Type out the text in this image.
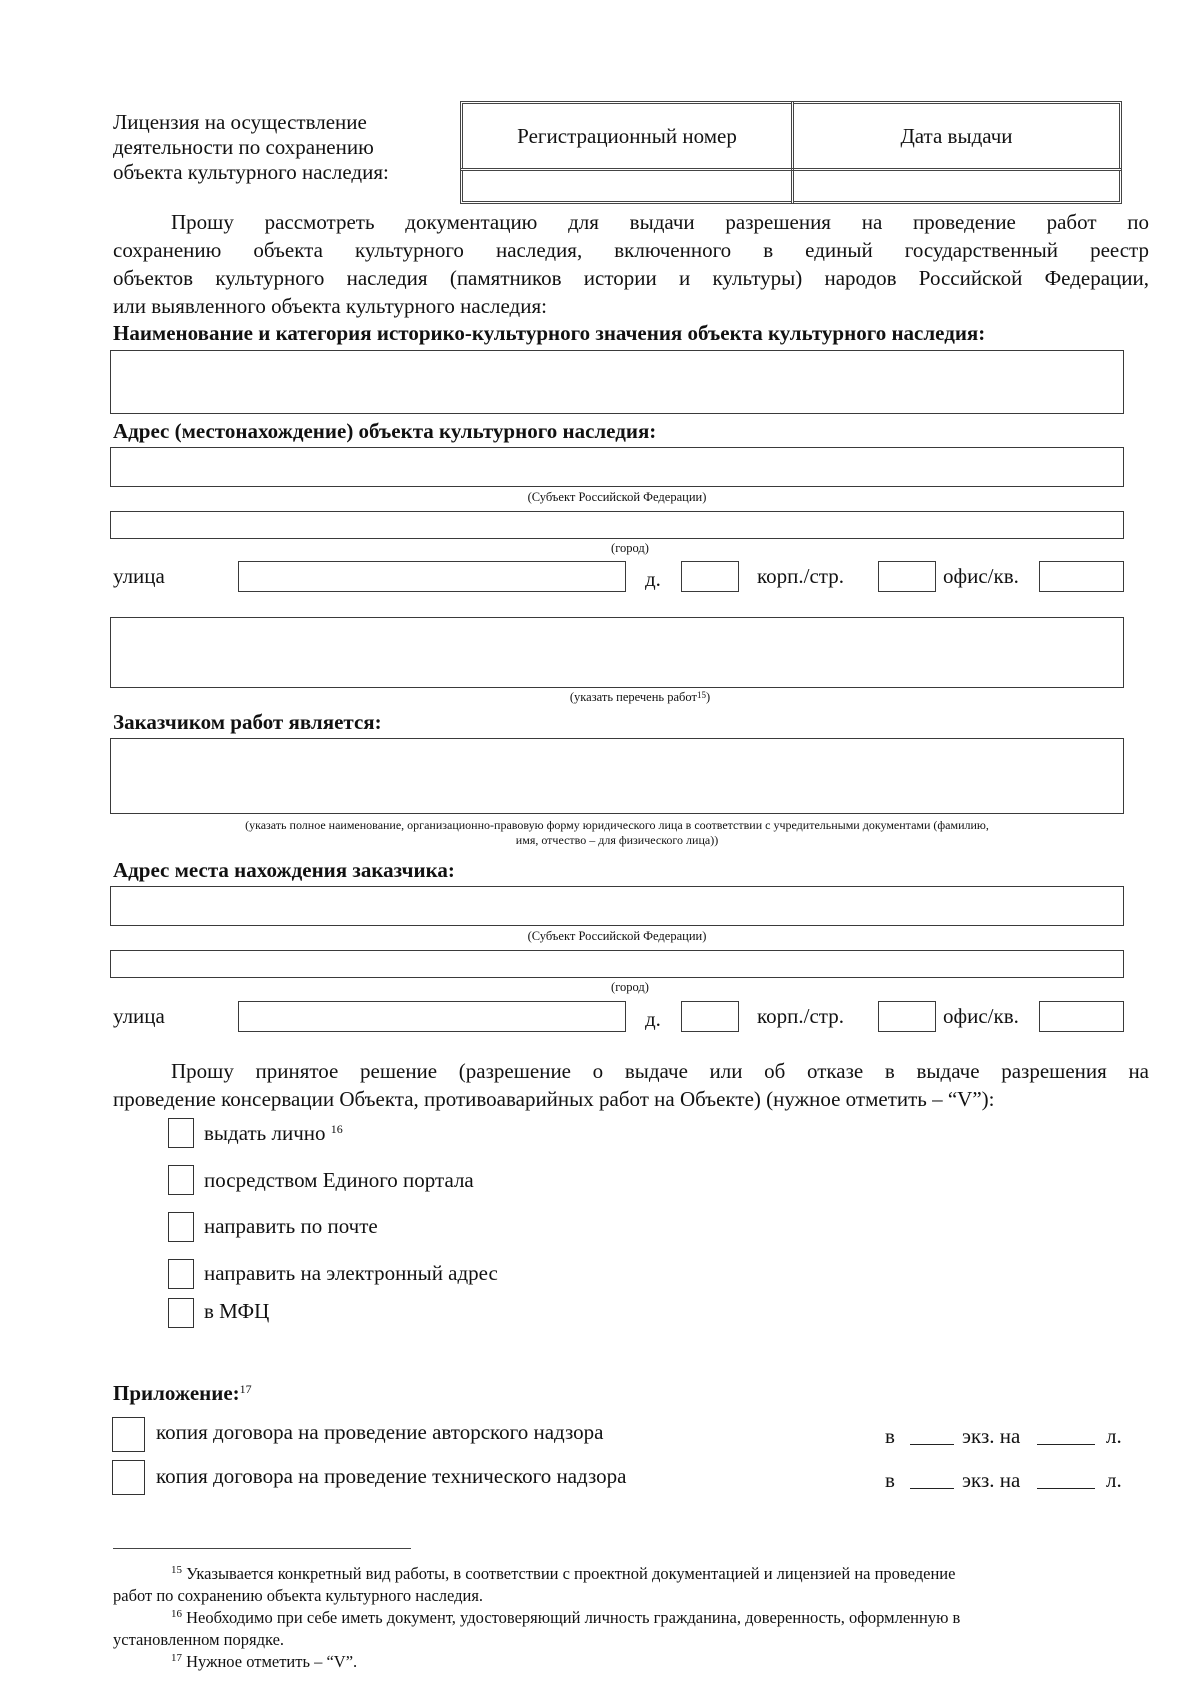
Лицензия на осуществление
деятельности по сохранению
объекта культурного наследия:
Регистрационный номер	Дата выдачи
Прошу рассмотреть документацию для выдачи разрешения на проведение работ по
сохранению объекта культурного наследия, включенного в единый государственный реестр
объектов культурного наследия (памятников истории и культуры) народов Российской Федерации,
или выявленного объекта культурного наследия:
Наименование и категория историко-культурного значения объекта культурного наследия:
Адрес (местонахождение) объекта культурного наследия:
(Субъект Российской Федерации)
(город)
улица	д.	корп./стр.	офис/кв.
(указать перечень работ$^{15}$)
Заказчиком работ является:
(указать полное наименование, организационно-правовую форму юридического лица в соответствии с учредительными документами (фамилию,
имя, отчество – для физического лица))
Адрес места нахождения заказчика:
(Субъект Российской Федерации)
(город)
улица	д.	корп./стр.	офис/кв.
Прошу принятое решение (разрешение о выдаче или об отказе в выдаче разрешения на
проведение консервации Объекта, противоаварийных работ на Объекте) (нужное отметить – “V”):
выдать лично $^{16}$
посредством Единого портала
направить по почте
направить на электронный адрес
в МФЦ
Приложение:$^{17}$
копия договора на проведение авторского надзора	в	экз. на	л.
копия договора на проведение технического надзора	в	экз. на	л.
$^{15}$ Указывается конкретный вид работы, в соответствии с проектной документацией и лицензией на проведение
работ по сохранению объекта культурного наследия.
$^{16}$ Необходимо при себе иметь документ, удостоверяющий личность гражданина, доверенность, оформленную в
установленном порядке.
$^{17}$ Нужное отметить – “V”.
